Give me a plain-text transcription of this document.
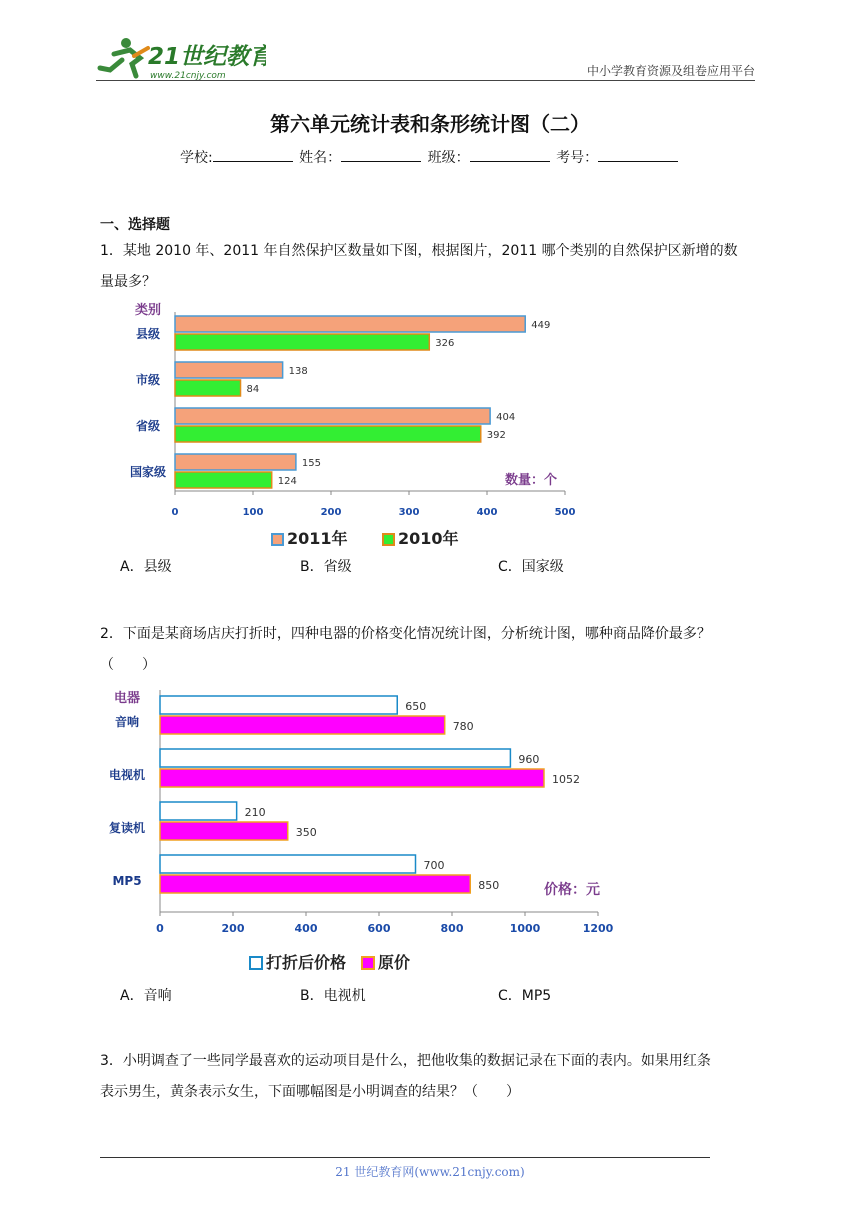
21世纪教育
www.21cnjy.com	中小学教育资源及组卷应用平台
第六单元统计表和条形统计图（二）
学校:	姓名：	班级：	考号：
一、选择题
1．某地 2010 年、2011 年自然保护区数量如下图，根据图片，2011 哪个类别的自然保护区新增的数
量最多？
类别
0	100	200	300	400	500
县级
449
326
市级
138
84
省级
404
392
国家级
155
124	数量：个
2011年	2010年
A．县级	B．省级	C．国家级
2．下面是某商场店庆打折时，四种电器的价格变化情况统计图，分析统计图，哪种商品降价最多？
（　　）
电器
0	200	400	600	800	1000	1200
音响
650
780
电视机
960
1052
复读机
210
350
MP5
700
850	价格：元
打折后价格 原价
A．音响	B．电视机	C．MP5
3．小明调查了一些同学最喜欢的运动项目是什么，把他收集的数据记录在下面的表内。如果用红条
表示男生，黄条表示女生，下面哪幅图是小明调查的结果？（　　）
21 世纪教育网(www.21cnjy.com)
